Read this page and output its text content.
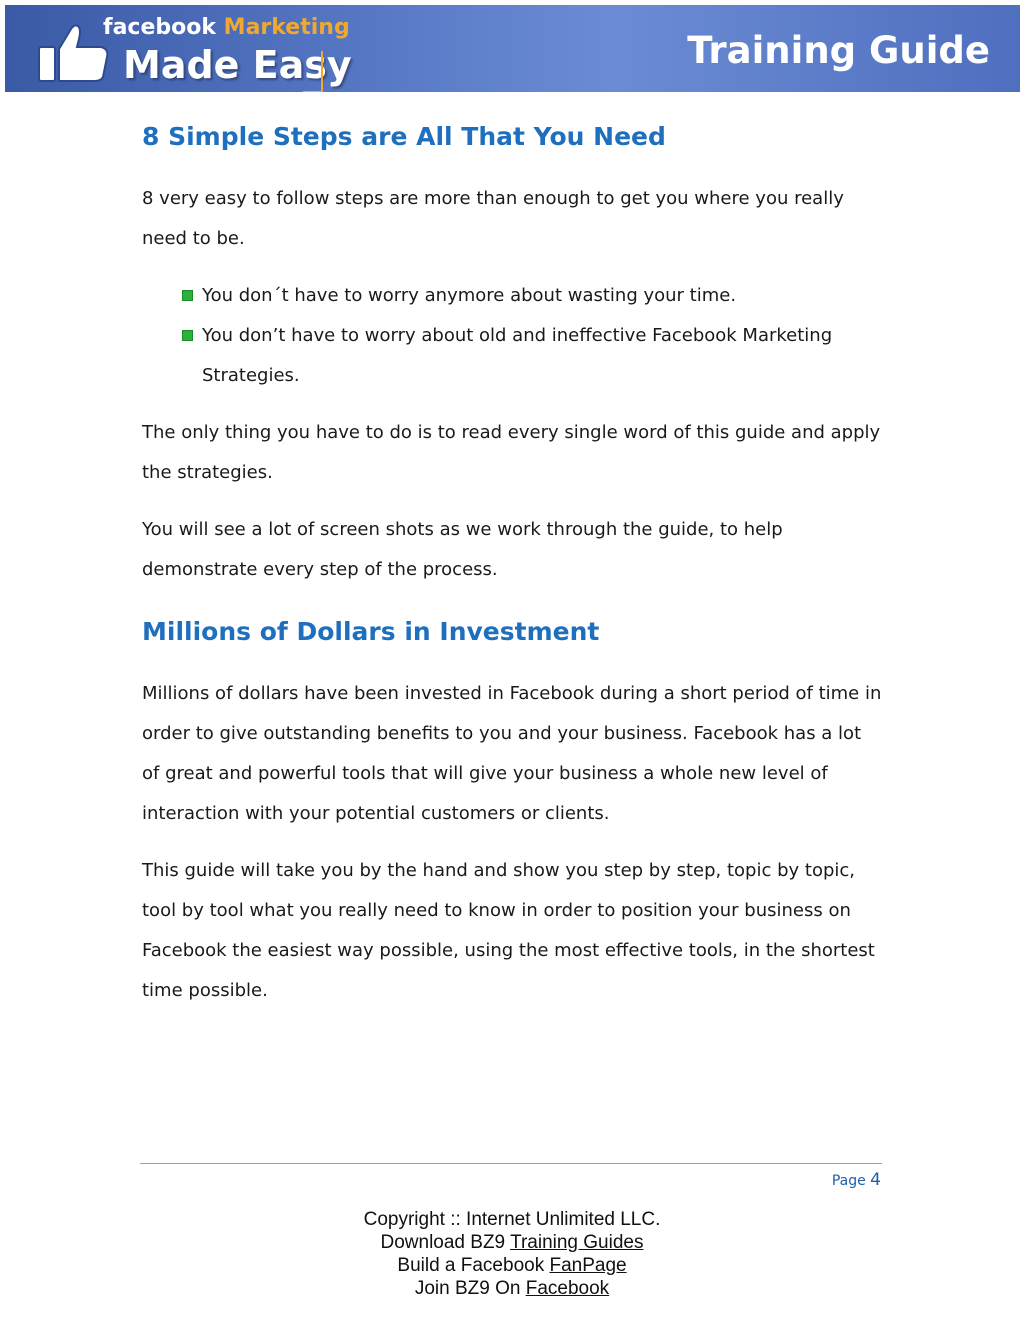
facebook Marketing
Made Easy	Training Guide
8 Simple Steps are All That You Need

8 very easy to follow steps are more than enough to get you where you really need to be.

You don´t have to worry anymore about wasting your time.
You don’t have to worry about old and ineffective Facebook Marketing Strategies.

The only thing you have to do is to read every single word of this guide and apply the strategies.

You will see a lot of screen shots as we work through the guide, to help demonstrate every step of the process.

Millions of Dollars in Investment

Millions of dollars have been invested in Facebook during a short period of time in order to give outstanding benefits to you and your business. Facebook has a lot of great and powerful tools that will give your business a whole new level of interaction with your potential customers or clients.

This guide will take you by the hand and show you step by step, topic by topic, tool by tool what you really need to know in order to position your business on Facebook the easiest way possible, using the most effective tools, in the shortest time possible.

Page 4
Copyright :: Internet Unlimited LLC.
Download BZ9 Training Guides
Build a Facebook FanPage
Join BZ9 On Facebook
